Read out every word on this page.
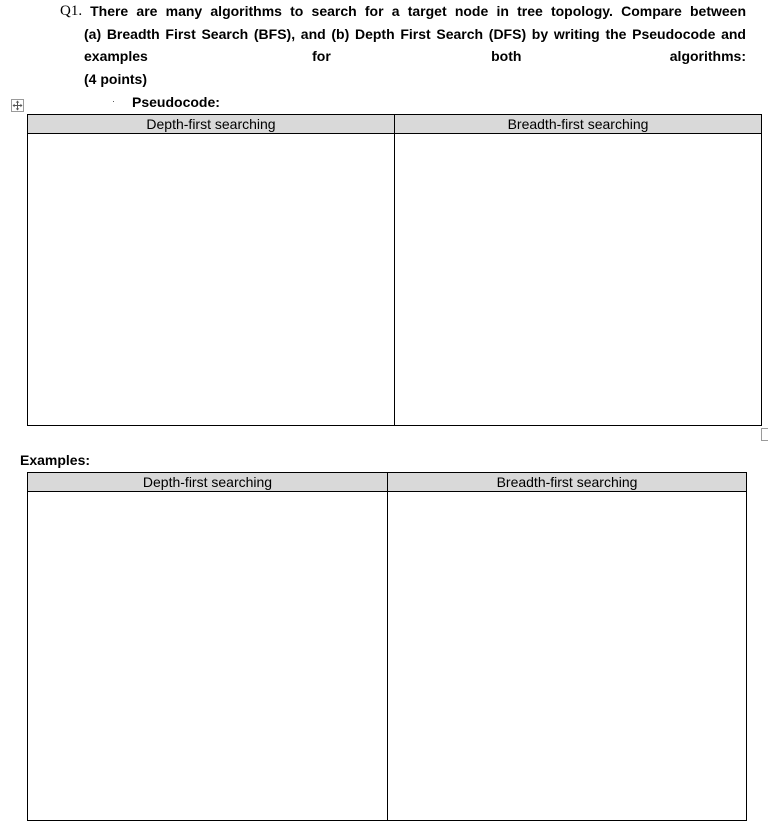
Q1. There are many algorithms to search for a target node in tree topology. Compare between
(a) Breadth First Search (BFS), and (b) Depth First Search (DFS) by writing the Pseudocode and
examples	for	both	algorithms:
(4 points)
· Pseudocode:
Depth-first searching	Breadth-first searching

Examples:
Depth-first searching	Breadth-first searching
